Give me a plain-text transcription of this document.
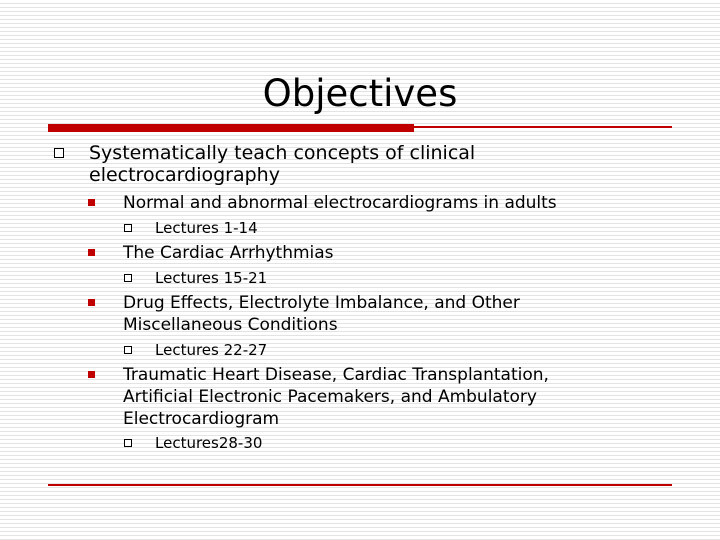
Objectives
Systematically teach concepts of clinical
electrocardiography
Normal and abnormal electrocardiograms in adults
Lectures 1-14
The Cardiac Arrhythmias
Lectures 15-21
Drug Effects, Electrolyte Imbalance, and Other
Miscellaneous Conditions
Lectures 22-27
Traumatic Heart Disease, Cardiac Transplantation,
Artificial Electronic Pacemakers, and Ambulatory
Electrocardiogram
Lectures28-30
